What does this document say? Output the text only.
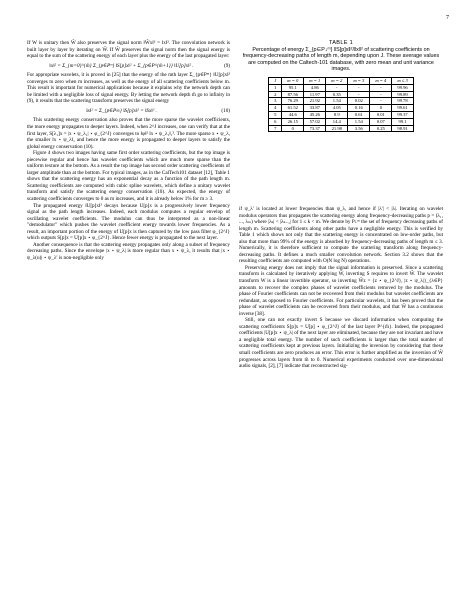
7

If W is unitary then W̃ also preserves the signal norm ‖W̃x‖² = ‖x‖². The convolution network is built layer by layer by iterating on W̃. If W̃ preserves the signal norm then the signal energy is equal to the sum of the scattering energy of each layer plus the energy of the last propagated layer:

‖x‖² = Σ_{m=0}^{m̄} Σ_{p∈Pᵐ} ‖S[p]x‖² + Σ_{p∈P^{m̄+1}} ‖U[p]x‖² .	(9)

For appropriate wavelets, it is proved in [25] that the energy of the mth layer Σ_{p∈Pᵐ} ‖U[p]x‖² converges to zero when m increases, as well as the energy of all scattering coefficients below m. This result is important for numerical applications because it explains why the network depth can be limited with a negligible loss of signal energy. By letting the network depth m̄ go to infinity in (9), it results that the scattering transform preserves the signal energy

‖x‖² = Σ_{p∈P∞} ‖S[p]x‖² = ‖Sx‖² .	(10)

This scattering energy conservation also proves that the more sparse the wavelet coefficients, the more energy propagates to deeper layers. Indeed, when 2^J increases, one can verify that at the first layer, S[λ₁]x = |x ⋆ ψ_λ₁| ⋆ φ_{2^J} converges to ‖φ‖² ‖x ⋆ ψ_λ₁‖₁². The more sparse x ⋆ ψ_λ, the smaller ‖x ⋆ ψ_λ‖₁ and hence the more energy is propagated to deeper layers to satisfy the global energy conservation (10).

Figure 4 shows two images having same first order scattering coefficients, but the top image is piecewise regular and hence has wavelet coefficients which are much more sparse than the uniform texture at the bottom. As a result the top image has second order scattering coefficients of larger amplitude than at the bottom. For typical images, as in the CalTech101 dataset [12], Table 1 shows that the scattering energy has an exponential decay as a function of the path length m. Scattering coefficients are computed with cubic spline wavelets, which define a unitary wavelet transform and satisfy the scattering energy conservation (10). As expected, the energy of scattering coefficients converges to 0 as m increases, and it is already below 1% for m ≥ 3.

The propagated energy ‖U[p]x‖² decays because U[p]x is a progressively lower frequency signal as the path length increases. Indeed, each modulus computes a regular envelop of oscillating wavelet coefficients. The modulus can thus be interpreted as a non-linear "demodulator" which pushes the wavelet coefficient energy towards lower frequencies. As a result, an important portion of the energy of U[p]x is then captured by the low pass filter φ_{2^J} which outputs S[p]x = U[p]x ⋆ φ_{2^J}. Hence fewer energy is propagated to the next layer.

Another consequence is that the scattering energy propagates only along a subset of frequency decreasing paths. Since the envelope |x ⋆ ψ_λ| is more regular than x ⋆ ψ_λ, it results that |x ⋆ ψ_λ(u)| ⋆ ψ_λ′ is non-negligible only

TABLE 1
Percentage of energy Σ_{p∈P↓ᵐ} ‖S[p]x‖²/‖x‖² of scattering coefficients on frequency-decreasing paths of length m, depending upon J. These average values are computed on the Caltech-101 database, with zero mean and unit variance images.
J	m = 0	m = 1	m = 2	m = 3	m = 4	m ≤ 3
1	95.1	4.86	-	-	-	99.96
2	87.56	11.97	0.35	-	-	99.89
3	76.29	21.92	1.54	0.02	-	99.78
4	61.52	33.87	4.05	0.16	0	99.61
5	44.6	45.26	8.9	0.61	0.01	99.37
6	26.15	57.02	14.4	1.54	0.07	99.1
7	0	73.37	21.98	3.56	0.25	98.91

if ψ_λ′ is located at lower frequencies than ψ_λ, and hence if |λ′| < |λ|. Iterating on wavelet modulus operators thus propagates the scattering energy along frequency-decreasing paths p = (λ₁, ..., λₘ) where |λₖ| < |λₖ₋₁| for 1 ≤ k < m. We denote by P↓ᵐ the set of frequency decreasing paths of length m. Scattering coefficients along other paths have a negligible energy. This is verified by Table 1 which shows not only that the scattering energy is concentrated on low-order paths, but also that more than 99% of the energy is absorbed by frequency-decreasing paths of length m ≤ 3. Numerically, it is therefore sufficient to compute the scattering transform along frequency-decreasing paths. It defines a much smaller convolution network. Section 3.2 shows that the resulting coefficients are computed with O(N log N) operations.

Preserving energy does not imply that the signal information is preserved. Since a scattering transform is calculated by iteratively applying W̃, inverting S requires to invert W̃. The wavelet transform W is a linear invertible operator, so inverting W̃z = {z ⋆ φ_{2^J}, |z ⋆ ψ_λ|}_{λ∈P} amounts to recover the complex phases of wavelet coefficients removed by the modulus. The phase of Fourier coefficients can not be recovered from their modulus but wavelet coefficients are redundant, as opposed to Fourier coefficients. For particular wavelets, it has been proved that the phase of wavelet coefficients can be recovered from their modulus, and that W̃ has a continuous inverse [38].

Still, one can not exactly invert S because we discard information when computing the scattering coefficients S[p]x = U[p] ⋆ φ_{2^J} of the last layer P^{m̄}. Indeed, the propagated coefficients |U[p]x ⋆ ψ_λ| of the next layer are eliminated, because they are not invariant and have a negligible total energy. The number of such coefficients is larger than the total number of scattering coefficients kept at previous layers. Initializing the inversion by considering that these small coefficients are zero produces an error. This error is further amplified as the inversion of W̃ progresses across layers from m̄ to 0. Numerical experiments conducted over one-dimensional audio signals, [2], [7] indicate that reconstructed sig-
